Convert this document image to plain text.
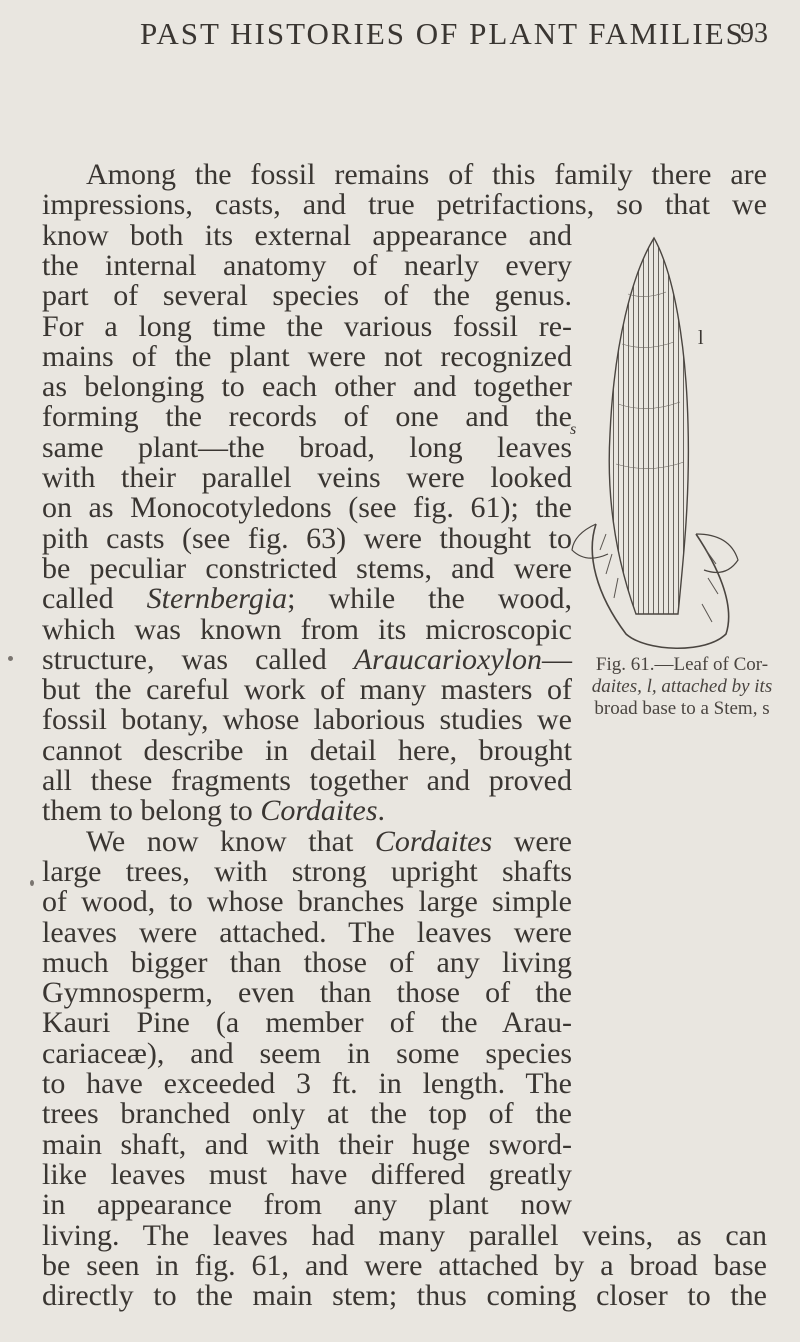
PAST HISTORIES OF PLANT FAMILIES
93
Among the fossil remains of this family there are
impressions, casts, and true petrifactions, so that we
know both its external appearance and
the internal anatomy of nearly every
part of several species of the genus.
For a long time the various fossil re-
mains of the plant were not recognized
as belonging to each other and together
forming the records of one and the
same plant—the broad, long leaves
with their parallel veins were looked
on as Monocotyledons (see fig. 61); the
pith casts (see fig. 63) were thought to
be peculiar constricted stems, and were
called Sternbergia; while the wood,
which was known from its microscopic
structure, was called Araucarioxylon—
but the careful work of many masters of
fossil botany, whose laborious studies we
cannot describe in detail here, brought
all these fragments together and proved
them to belong to Cordaites.
We now know that Cordaites were
large trees, with strong upright shafts
of wood, to whose branches large simple
leaves were attached. The leaves were
much bigger than those of any living
Gymnosperm, even than those of the
Kauri Pine (a member of the Arau-
cariaceæ), and seem in some species
to have exceeded 3 ft. in length. The
trees branched only at the top of the
main shaft, and with their huge sword-
like leaves must have differed greatly
in appearance from any plant now
living. The leaves had many parallel veins, as can
be seen in fig. 61, and were attached by a broad base
directly to the main stem; thus coming closer to the
l
s
Fig. 61.—Leaf of Cor-
daites, l, attached by its
broad base to a Stem, s
